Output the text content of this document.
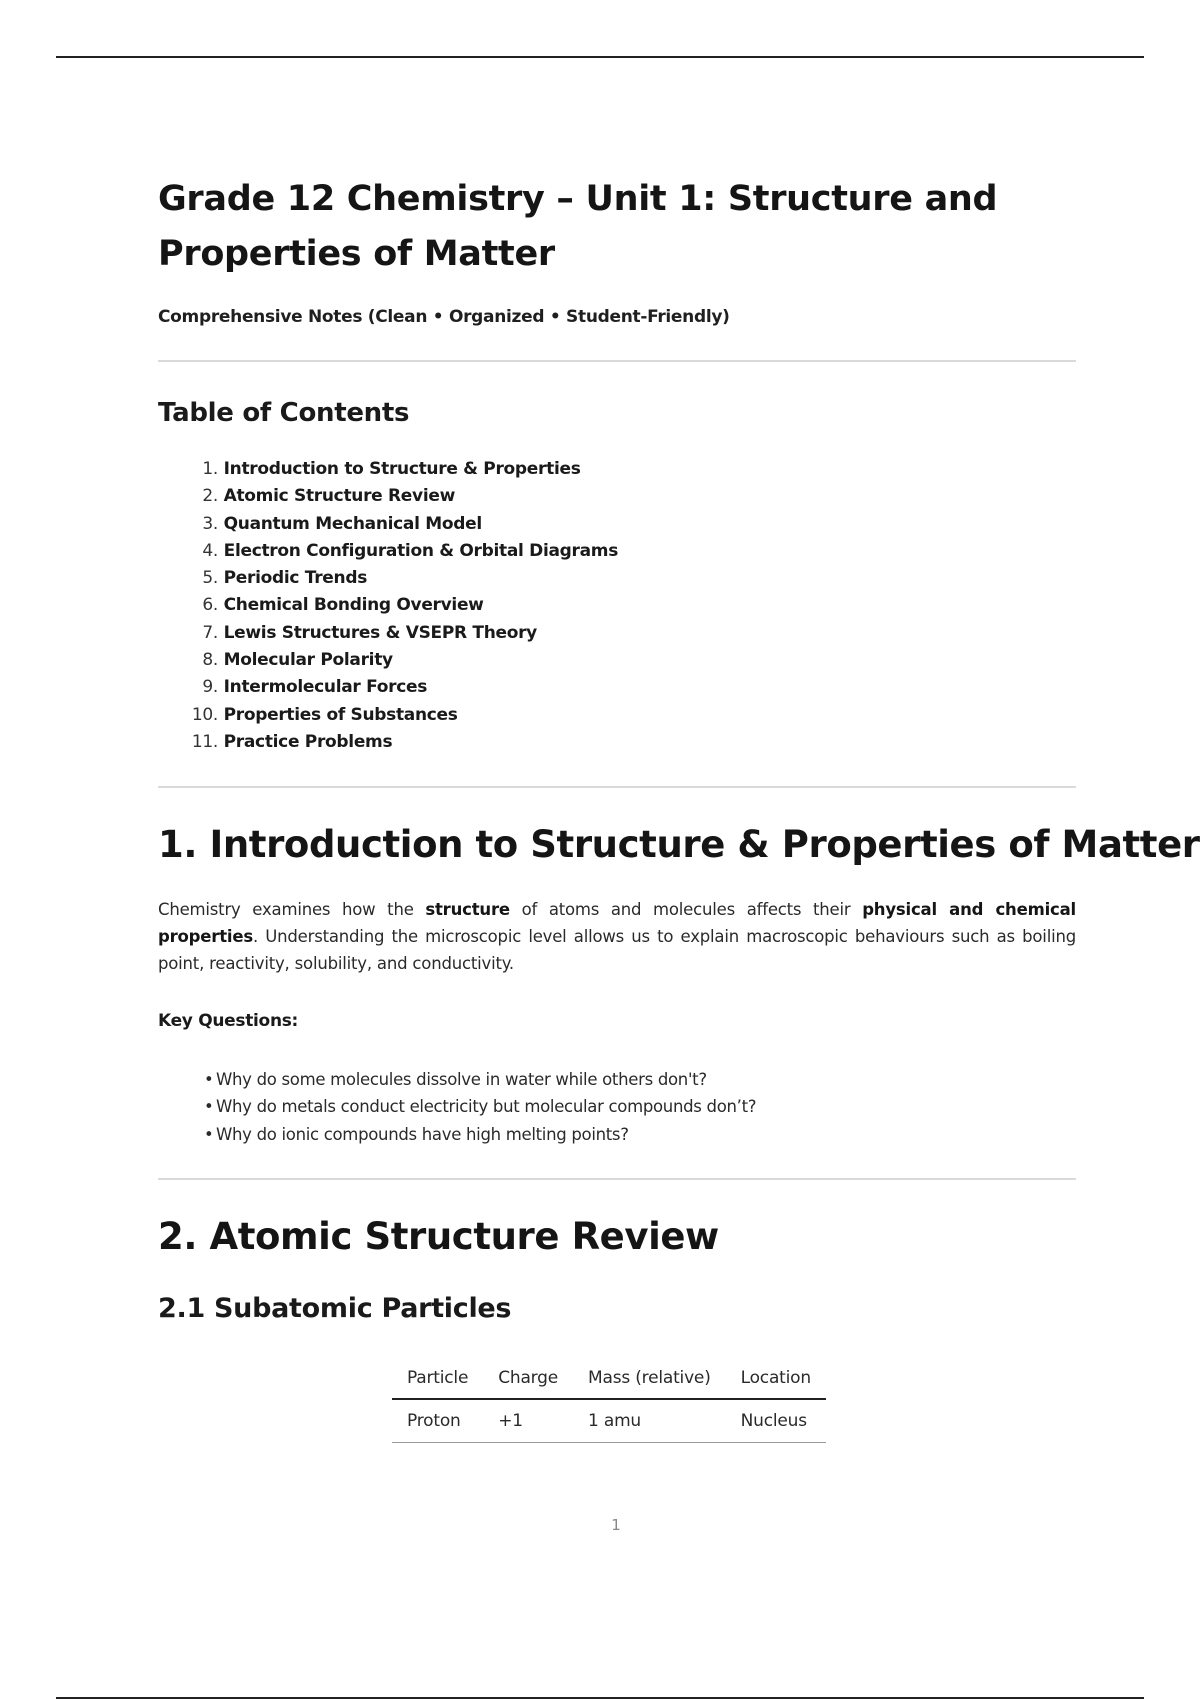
Grade 12 Chemistry – Unit 1: Structure and Properties of Matter

Comprehensive Notes (Clean • Organized • Student-Friendly)

Table of Contents
1. Introduction to Structure & Properties
2. Atomic Structure Review
3. Quantum Mechanical Model
4. Electron Configuration & Orbital Diagrams
5. Periodic Trends
6. Chemical Bonding Overview
7. Lewis Structures & VSEPR Theory
8. Molecular Polarity
9. Intermolecular Forces
10. Properties of Substances
11. Practice Problems
1. Introduction to Structure & Properties of Matter

Chemistry examines how the structure of atoms and molecules affects their physical and chemical properties. Understanding the microscopic level allows us to explain macroscopic behaviours such as boiling point, reactivity, solubility, and conductivity.

Key Questions:

• Why do some molecules dissolve in water while others don't?
• Why do metals conduct electricity but molecular compounds don’t?
• Why do ionic compounds have high melting points?
2. Atomic Structure Review
2.1 Subatomic Particles
Particle	Charge	Mass (relative)	Location
Proton	+1	1 amu	Nucleus
1
